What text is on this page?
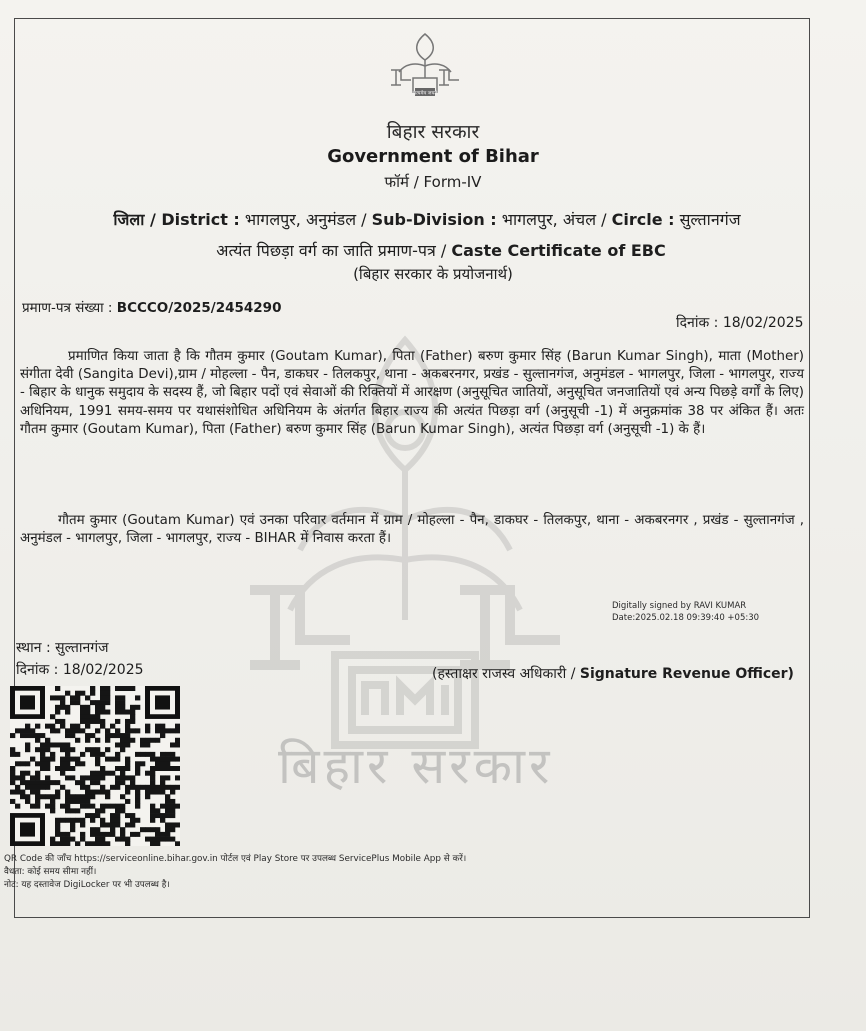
बिहार सरकार
सत्यमेव जयते
बिहार सरकार
Government of Bihar
फॉर्म / Form-IV
जिला / District : भागलपुर, अनुमंडल / Sub-Division : भागलपुर, अंचल / Circle : सुल्तानगंज
अत्यंत पिछड़ा वर्ग का जाति प्रमाण-पत्र / Caste Certificate of EBC
(बिहार सरकार के प्रयोजनार्थ)
प्रमाण-पत्र संख्या : BCCCO/2025/2454290
दिनांक : 18/02/2025
प्रमाणित किया जाता है कि गौतम कुमार (Goutam Kumar), पिता (Father) बरुण कुमार सिंह (Barun Kumar Singh), माता (Mother) संगीता देवी (Sangita Devi),ग्राम / मोहल्ला - पैन, डाकघर - तिलकपुर, थाना - अकबरनगर, प्रखंड - सुल्तानगंज, अनुमंडल - भागलपुर, जिला - भागलपुर, राज्य - बिहार के धानुक समुदाय के सदस्य हैं, जो बिहार पदों एवं सेवाओं की रिक्तियों में आरक्षण (अनुसूचित जातियों, अनुसूचित जनजातियों एवं अन्य पिछड़े वर्गों के लिए) अधिनियम, 1991 समय-समय पर यथासंशोधित अधिनियम के अंतर्गत बिहार राज्य की अत्यंत पिछड़ा वर्ग (अनुसूची -1) में अनुक्रमांक 38 पर अंकित हैं। अतः गौतम कुमार (Goutam Kumar), पिता (Father) बरुण कुमार सिंह (Barun Kumar Singh), अत्यंत पिछड़ा वर्ग (अनुसूची -1) के हैं।
गौतम कुमार (Goutam Kumar) एवं उनका परिवार वर्तमान में ग्राम / मोहल्ला - पैन, डाकघर - तिलकपुर, थाना - अकबरनगर , प्रखंड - सुल्तानगंज , अनुमंडल - भागलपुर, जिला - भागलपुर, राज्य - BIHAR में निवास करता हैं।
Digitally signed by RAVI KUMAR
Date:2025.02.18 09:39:40 +05:30
स्थान : सुल्तानगंज
दिनांक : 18/02/2025	(हस्ताक्षर राजस्व अधिकारी / Signature Revenue Officer)
QR Code की जाँच https://serviceonline.bihar.gov.in पोर्टल एवं Play Store पर उपलब्ध ServicePlus Mobile App से करें।
वैधता: कोई समय सीमा नहीं।
नोट: यह दस्तावेज DigiLocker पर भी उपलब्ध है।
